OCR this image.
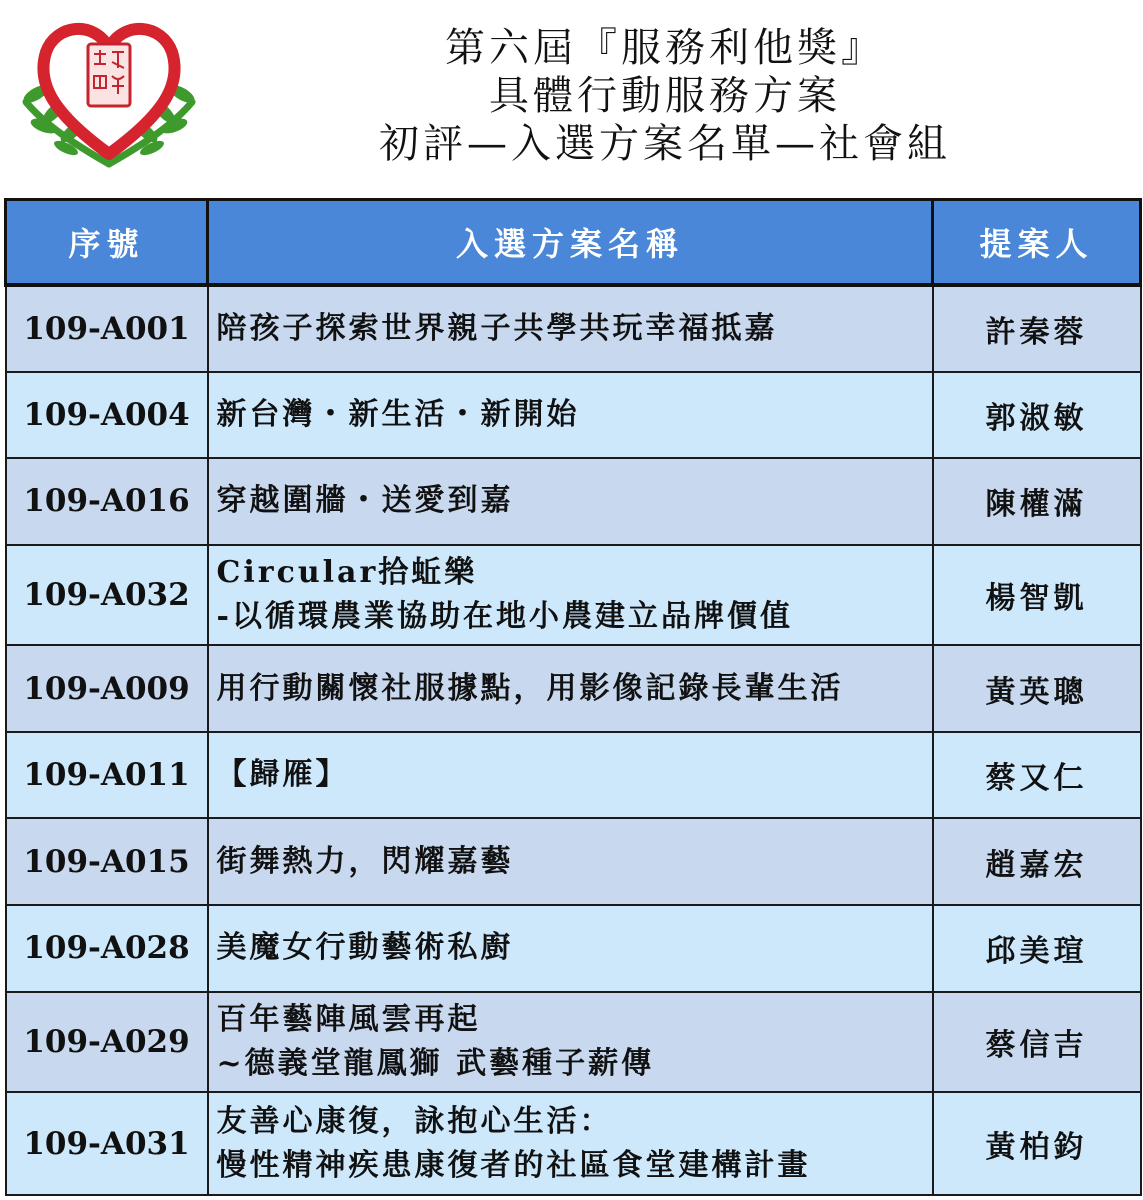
第六屆『服務利他獎』
具體行動服務方案
初評—入選方案名單—社會組
序號	入選方案名稱	提案人
109-A001	陪孩子探索世界親子共學共玩幸福抵嘉	許秦蓉
109-A004	新台灣・新生活・新開始	郭淑敏
109-A016	穿越圍牆・送愛到嘉	陳權滿
109-A032	Circular拾蚯樂
-以循環農業協助在地小農建立品牌價值	楊智凱
109-A009	用行動關懷社服據點，用影像記錄長輩生活	黃英聰
109-A011	【歸雁】	蔡又仁
109-A015	街舞熱力，閃耀嘉藝	趙嘉宏
109-A028	美魔女行動藝術私廚	邱美瑄
109-A029	百年藝陣風雲再起
~德義堂龍鳳獅 武藝種子薪傳	蔡信吉
109-A031	友善心康復，詠抱心生活：
慢性精神疾患康復者的社區食堂建構計畫	黃柏鈞
